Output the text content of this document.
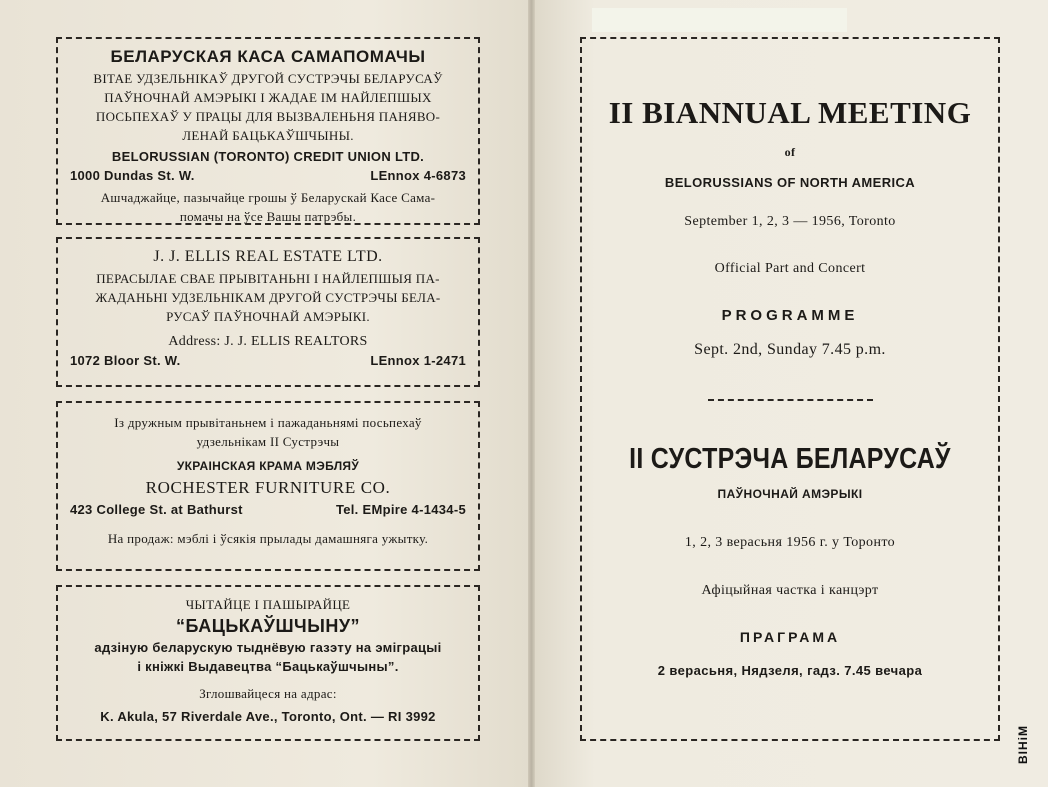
БЕЛАРУСКАЯ КАСА САМАПОМАЧЫ
ВІТАЕ УДЗЕЛЬНІКАЎ ДРУГОЙ СУСТРЭЧЫ БЕЛАРУСАЎ
ПАЎНОЧНАЙ АМЭРЫКІ І ЖАДАЕ ІМ НАЙЛЕПШЫХ
ПОСЬПЕХАЎ У ПРАЦЫ ДЛЯ ВЫЗВАЛЕНЬНЯ ПАНЯВО-
ЛЕНАЙ БАЦЬКАЎШЧЫНЫ.
BELORUSSIAN (TORONTO) CREDIT UNION LTD.
1000 Dundas St. W.	LEnnox 4-6873
Ашчаджайце, пазычайце грошы ў Беларускай Касе Сама-
помачы на ўсе Вашы патрэбы.
J. J. ELLIS REAL ESTATE LTD.
ПЕРАСЫЛАЕ СВАЕ ПРЫВІТАНЬНІ І НАЙЛЕПШЫЯ ПА-
ЖАДАНЬНІ УДЗЕЛЬНІКАМ ДРУГОЙ СУСТРЭЧЫ БЕЛА-
РУСАЎ ПАЎНОЧНАЙ АМЭРЫКІ.
Address: J. J. ELLIS REALTORS
1072 Bloor St. W.	LEnnox 1-2471
Із дружным прывітаньнем і пажаданьнямі посьпехаў
удзельнікам II Сустрэчы
УКРАІНСКАЯ КРАМА МЭБЛЯЎ
ROCHESTER FURNITURE CO.
423 College St. at Bathurst	Tel. EMpire 4-1434-5
На продаж: мэблі і ўсякія прылады дамашняга ужытку.
ЧЫТАЙЦЕ І ПАШЫРАЙЦЕ
“БАЦЬКАЎШЧЫНУ”
адзіную беларускую тыднёвую газэту на эміграцыі
і кніжкі Выдавецтва “Бацькаўшчыны”.
Зглошвайцеся на адрас:
K. Akula, 57 Riverdale Ave., Toronto, Ont. — RI 3992
II BIANNUAL MEETING
of
BELORUSSIANS OF NORTH AMERICA
September 1, 2, 3 — 1956, Toronto
Official Part and Concert
PROGRAMME
Sept. 2nd, Sunday 7.45 p.m.
II СУСТРЭЧА БЕЛАРУСАЎ
ПАЎНОЧНАЙ АМЭРЫКІ
1, 2, 3 верасьня 1956 г. у Торонто
Афіцыйная частка і канцэрт
ПРАГРАМА
2 верасьня, Нядзеля, гадз. 7.45 вечара
BIHiM
